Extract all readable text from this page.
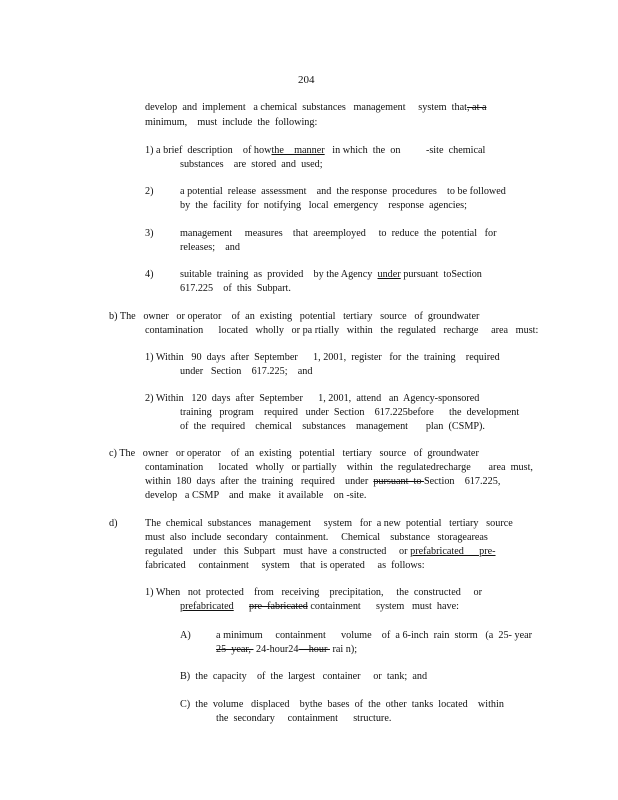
204
develop  and  implement   a chemical  substances   management     system  that, at a
minimum,    must  include  the  following:
1) a brief  description    of howthe    manner   in which  the  on          -site  chemical
substances    are  stored  and  used;
2)	a potential  release  assessment    and  the response  procedures    to be followed
by  the  facility  for  notifying   local  emergency    response  agencies;
3)	management     measures    that  areemployed     to  reduce  the  potential   for
releases;    and
4)	suitable  training  as  provided    by the Agency  under pursuant  toSection
617.225    of  this  Subpart.
b) The   owner   or operator    of  an  existing   potential   tertiary   source   of  groundwater
contamination      located   wholly   or pa rtially   within   the  regulated   recharge     area   must:
1) Within   90  days  after  September      1, 2001,  register   for  the  training    required
under   Section    617.225;    and
2) Within   120  days  after  September      1, 2001,  attend   an  Agency-sponsored
training   program    required   under  Section    617.225before      the  development
of  the  required    chemical    substances    management       plan  (CSMP).
c) The   owner   or operator    of  an  existing   potential   tertiary   source   of  groundwater
contamination      located   wholly   or partially    within   the  regulatedrecharge       area  must,
within  180  days  after  the  training   required    under  pursuant  to Section    617.225,
develop   a CSMP    and  make   it available    on -site.
d)	The  chemical  substances   management     system   for  a new  potential   tertiary   source
must  also  include  secondary   containment.     Chemical    substance   storageareas
regulated    under   this  Subpart   must  have  a constructed     or prefabricated      pre-
fabricated     containment     system    that  is operated     as  follows:
1) When   not  protected    from   receiving    precipitation,     the  constructed     or
prefabricated pre  fabricated containment      system   must  have:
A) a minimum     containment      volume    of  a 6-inch  rain  storm   (a  25- year
25  year,  24-hour24    hour  rai n);
B)  the  capacity    of  the  largest   container     or  tank;  and
C)  the  volume   displaced    bythe  bases  of  the  other  tanks  located    within
the  secondary     containment      structure.
